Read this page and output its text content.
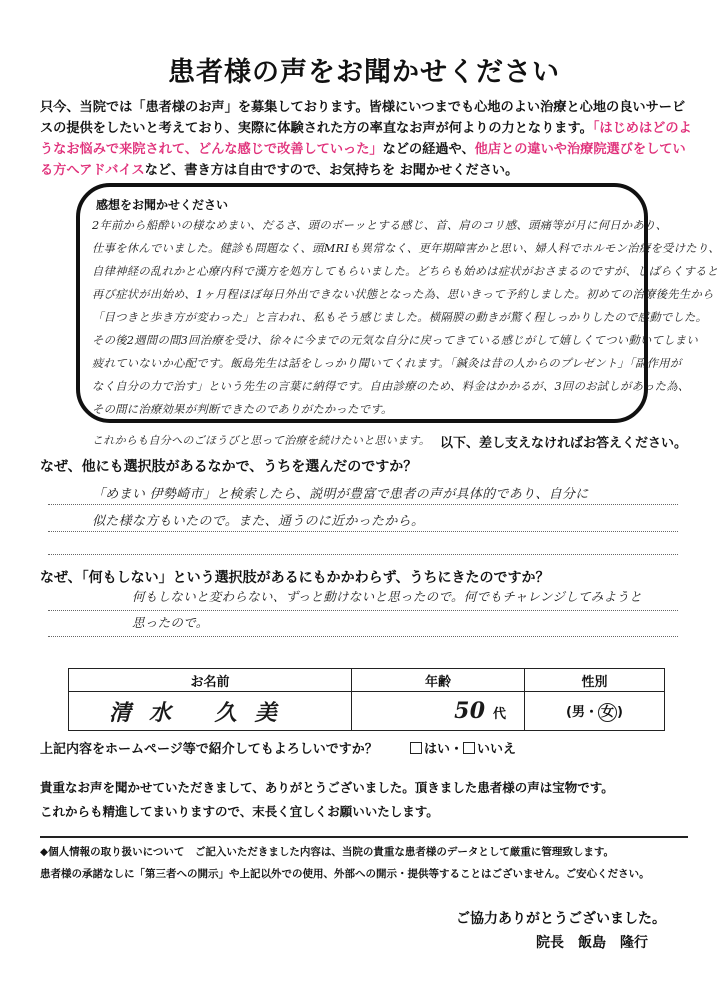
患者様の声をお聞かせください
只今、当院では「患者様のお声」を募集しております。皆様にいつまでも心地のよい治療と心地の良いサービスの提供をしたいと考えており、実際に体験された方の率直なお声が何よりの力となります。「はじめはどのようなお悩みで来院されて、どんな感じで改善していった」などの経過や、他店との違いや治療院選びをしている方へアドバイスなど、書き方は自由ですので、お気持ちを お聞かせください。
感想をお聞かせください
2年前から船酔いの様なめまい、だるさ、頭のボーッとする感じ、首、肩のコリ感、頭痛等が月に何日かあり、
仕事を休んでいました。健診も問題なく、頭MRIも異常なく、更年期障害かと思い、婦人科でホルモン治療を受けたり、
自律神経の乱れかと心療内科で漢方を処方してもらいました。どちらも始めは症状がおさまるのですが、しばらくすると
再び症状が出始め、1ヶ月程ほぼ毎日外出できない状態となった為、思いきって予約しました。初めての治療後先生から
「目つきと歩き方が変わった」と言われ、私もそう感じました。横隔膜の動きが驚く程しっかりしたので感動でした。
その後2週間の間3回治療を受け、徐々に今までの元気な自分に戻ってきている感じがして嬉しくてつい動いてしまい
疲れていないか心配です。飯島先生は話をしっかり聞いてくれます。「鍼灸は昔の人からのプレゼント」「副作用が
なく自分の力で治す」という先生の言葉に納得です。自由診療のため、料金はかかるが、3回のお試しがあった為、
その間に治療効果が判断できたのでありがたかったです。
これからも自分へのごほうびと思って治療を続けたいと思います。 以下、差し支えなければお答えください。
なぜ、他にも選択肢があるなかで、うちを選んだのですか？
「めまい 伊勢崎市」と検索したら、説明が豊富で患者の声が具体的であり、自分に
似た様な方もいたので。また、通うのに近かったから。
なぜ、「何もしない」という選択肢があるにもかかわらず、うちにきたのですか？
何もしないと変わらない、ずっと動けないと思ったので。何でもチャレンジしてみようと
思ったので。
お名前	年齢	性別
清水 久美	50 代	(男・ 女 )
上記内容をホームページ等で紹介してもよろしいですか？	はい・ いいえ
貴重なお声を聞かせていただきまして、ありがとうございました。頂きました患者様の声は宝物です。
これからも精進してまいりますので、末長く宜しくお願いいたします。
◆個人情報の取り扱いについて　ご記入いただきました内容は、当院の貴重な患者様のデータとして厳重に管理致します。
患者様の承諾なしに「第三者への開示」や上記以外での使用、外部への開示・提供等することはございません。ご安心ください。
ご協力ありがとうございました。
院長　 飯島　隆行
